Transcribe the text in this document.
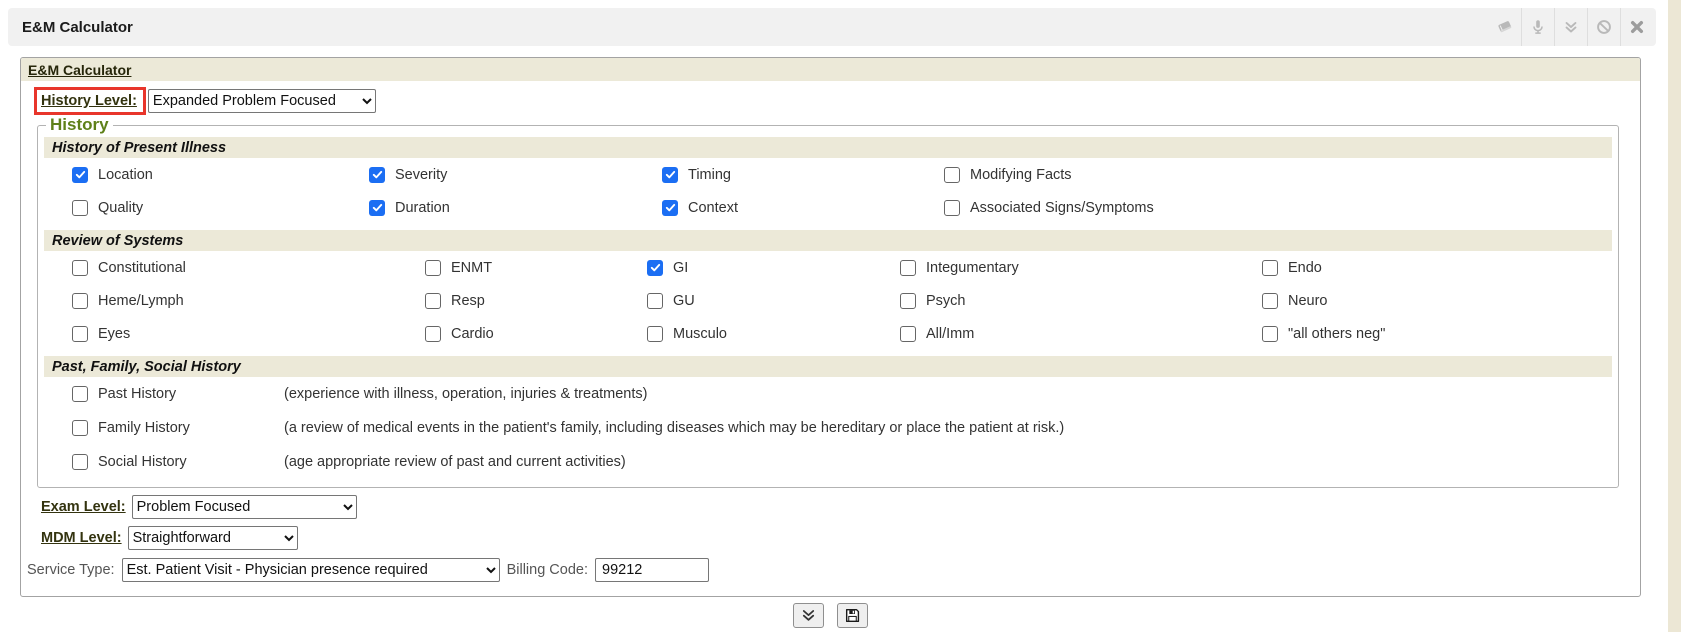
E&M Calculator
E&M Calculator
History Level:
Expanded Problem Focused
History
History of Present Illness
Location	Severity	Timing	Modifying Facts
Quality	Duration	Context	Associated Signs/Symptoms
Review of Systems
Constitutional	ENMT	GI	Integumentary	Endo
Heme/Lymph	Resp	GU	Psych	Neuro
Eyes	Cardio	Musculo	All/Imm	"all others neg"
Past, Family, Social History
Past History	(experience with illness, operation, injuries & treatments)
Family History	(a review of medical events in the patient's family, including diseases which may be hereditary or place the patient at risk.)
Social History	(age appropriate review of past and current activities)
Exam Level:
Problem Focused
MDM Level:
Straightforward
Service Type:
Est. Patient Visit - Physician presence required	Billing Code:
99212
